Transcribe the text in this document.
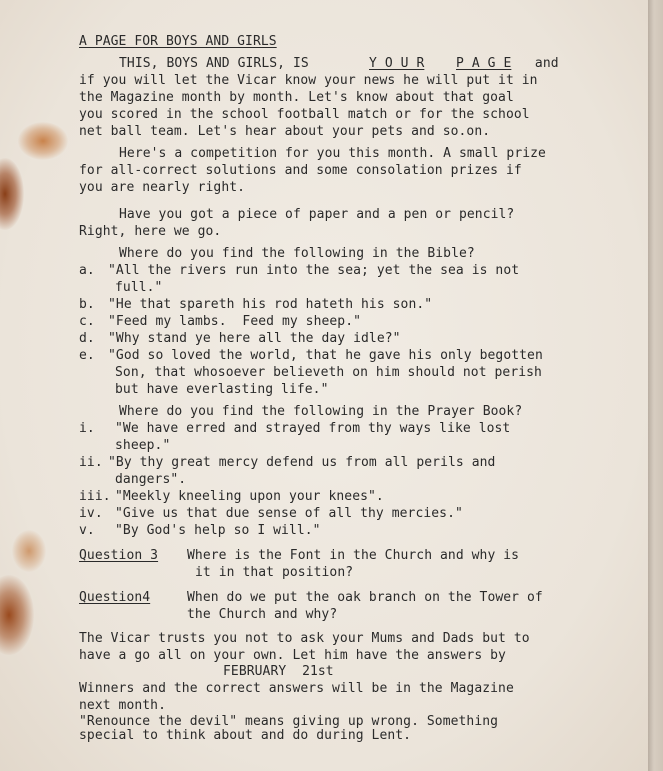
A PAGE FOR BOYS AND GIRLS
THIS, BOYS AND GIRLS, IS	Y O U R P A G E and
if you will let the Vicar know your news he will put it in
the Magazine month by month. Let's know about that goal
you scored in the school football match or for the school
net ball team. Let's hear about your pets and so.on.
Here's a competition for you this month. A small prize
for all-correct solutions and some consolation prizes if
you are nearly right.
Have you got a piece of paper and a pen or pencil?
Right, here we go.
Where do you find the following in the Bible?
a. "All the rivers run into the sea; yet the sea is not
full."
b. "He that spareth his rod hateth his son."
c. "Feed my lambs.  Feed my sheep."
d. "Why stand ye here all the day idle?"
e. "God so loved the world, that he gave his only begotten
Son, that whosoever believeth on him should not perish
but have everlasting life."
Where do you find the following in the Prayer Book?
i. "We have erred and strayed from thy ways like lost
sheep."
ii. "By thy great mercy defend us from all perils and
dangers".
iii. "Meekly kneeling upon your knees".
iv. "Give us that due sense of all thy mercies."
v. "By God's help so I will."
Question 3 Where is the Font in the Church and why is
it in that position?
Question4	When do we put the oak branch on the Tower of
the Church and why?
The Vicar trusts you not to ask your Mums and Dads but to
have a go all on your own. Let him have the answers by
FEBRUARY  21st
Winners and the correct answers will be in the Magazine
next month.
"Renounce the devil" means giving up wrong. Something
special to think about and do during Lent.
